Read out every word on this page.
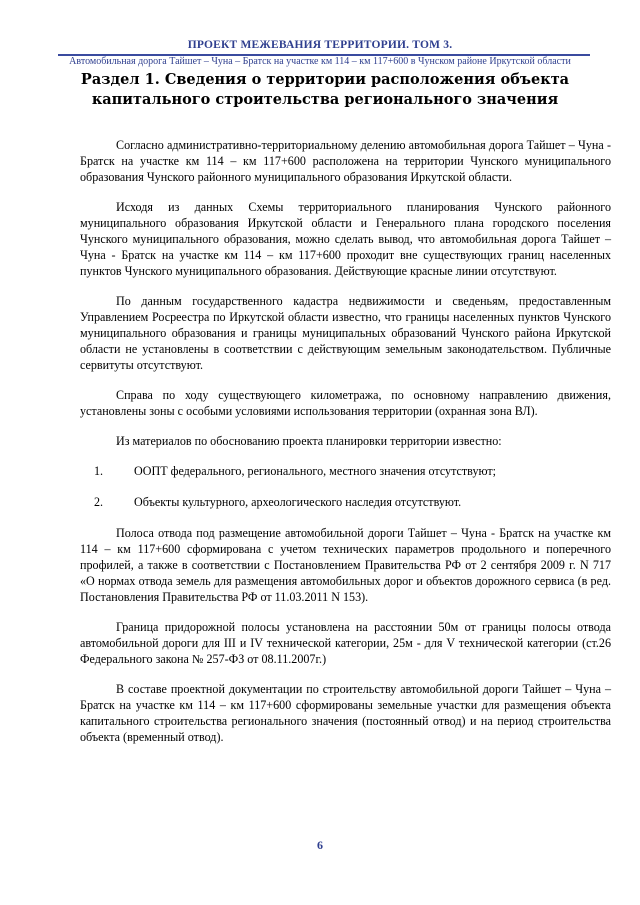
ПРОЕКТ МЕЖЕВАНИЯ ТЕРРИТОРИИ. ТОМ 3.
Автомобильная дорога Тайшет – Чуна – Братск на участке км 114 – км 117+600 в Чунском районе Иркутской области
Раздел 1. Сведения о территории расположения объекта капитального строительства регионального значения

Согласно административно-территориальному делению автомобильная дорога Тайшет – Чуна - Братск на участке км 114 – км 117+600 расположена на территории Чунского муниципального образования Чунского районного муниципального образования Иркутской области.

Исходя из данных Схемы территориального планирования Чунского районного муниципального образования Иркутской области и Генерального плана городского поселения Чунского муниципального образования, можно сделать вывод, что автомобильная дорога Тайшет – Чуна - Братск на участке км 114 – км 117+600 проходит вне существующих границ населенных пунктов Чунского муниципального образования. Действующие красные линии отсутствуют.

По данным государственного кадастра недвижимости и сведеньям, предоставленным Управлением Росреестра по Иркутской области известно, что границы населенных пунктов Чунского муниципального образования и границы муниципальных образований Чунского района Иркутской области не установлены в соответствии с действующим земельным законодательством. Публичные сервитуты отсутствуют.

Справа по ходу существующего километража, по основному направлению движения, установлены зоны с особыми условиями использования территории (охранная зона ВЛ).

Из материалов по обоснованию проекта планировки территории известно:

1.	ООПТ федерального, регионального, местного значения отсутствуют;
2.	Объекты культурного, археологического наследия отсутствуют.

Полоса отвода под размещение автомобильной дороги Тайшет – Чуна - Братск на участке км 114 – км 117+600 сформирована с учетом технических параметров продольного и поперечного профилей, а также в соответствии с Постановлением Правительства РФ от 2 сентября 2009 г. N 717 «О нормах отвода земель для размещения автомобильных дорог и объектов дорожного сервиса (в ред. Постановления Правительства РФ от 11.03.2011 N 153).

Граница придорожной полосы установлена на расстоянии 50м от границы полосы отвода автомобильной дороги для III и IV технической категории, 25м - для V технической категории (ст.26 Федерального закона № 257-ФЗ от 08.11.2007г.)

В составе проектной документации по строительству автомобильной дороги Тайшет – Чуна – Братск на участке км 114 – км 117+600 сформированы земельные участки для размещения объекта капитального строительства регионального значения (постоянный отвод) и на период строительства объекта (временный отвод).

6
